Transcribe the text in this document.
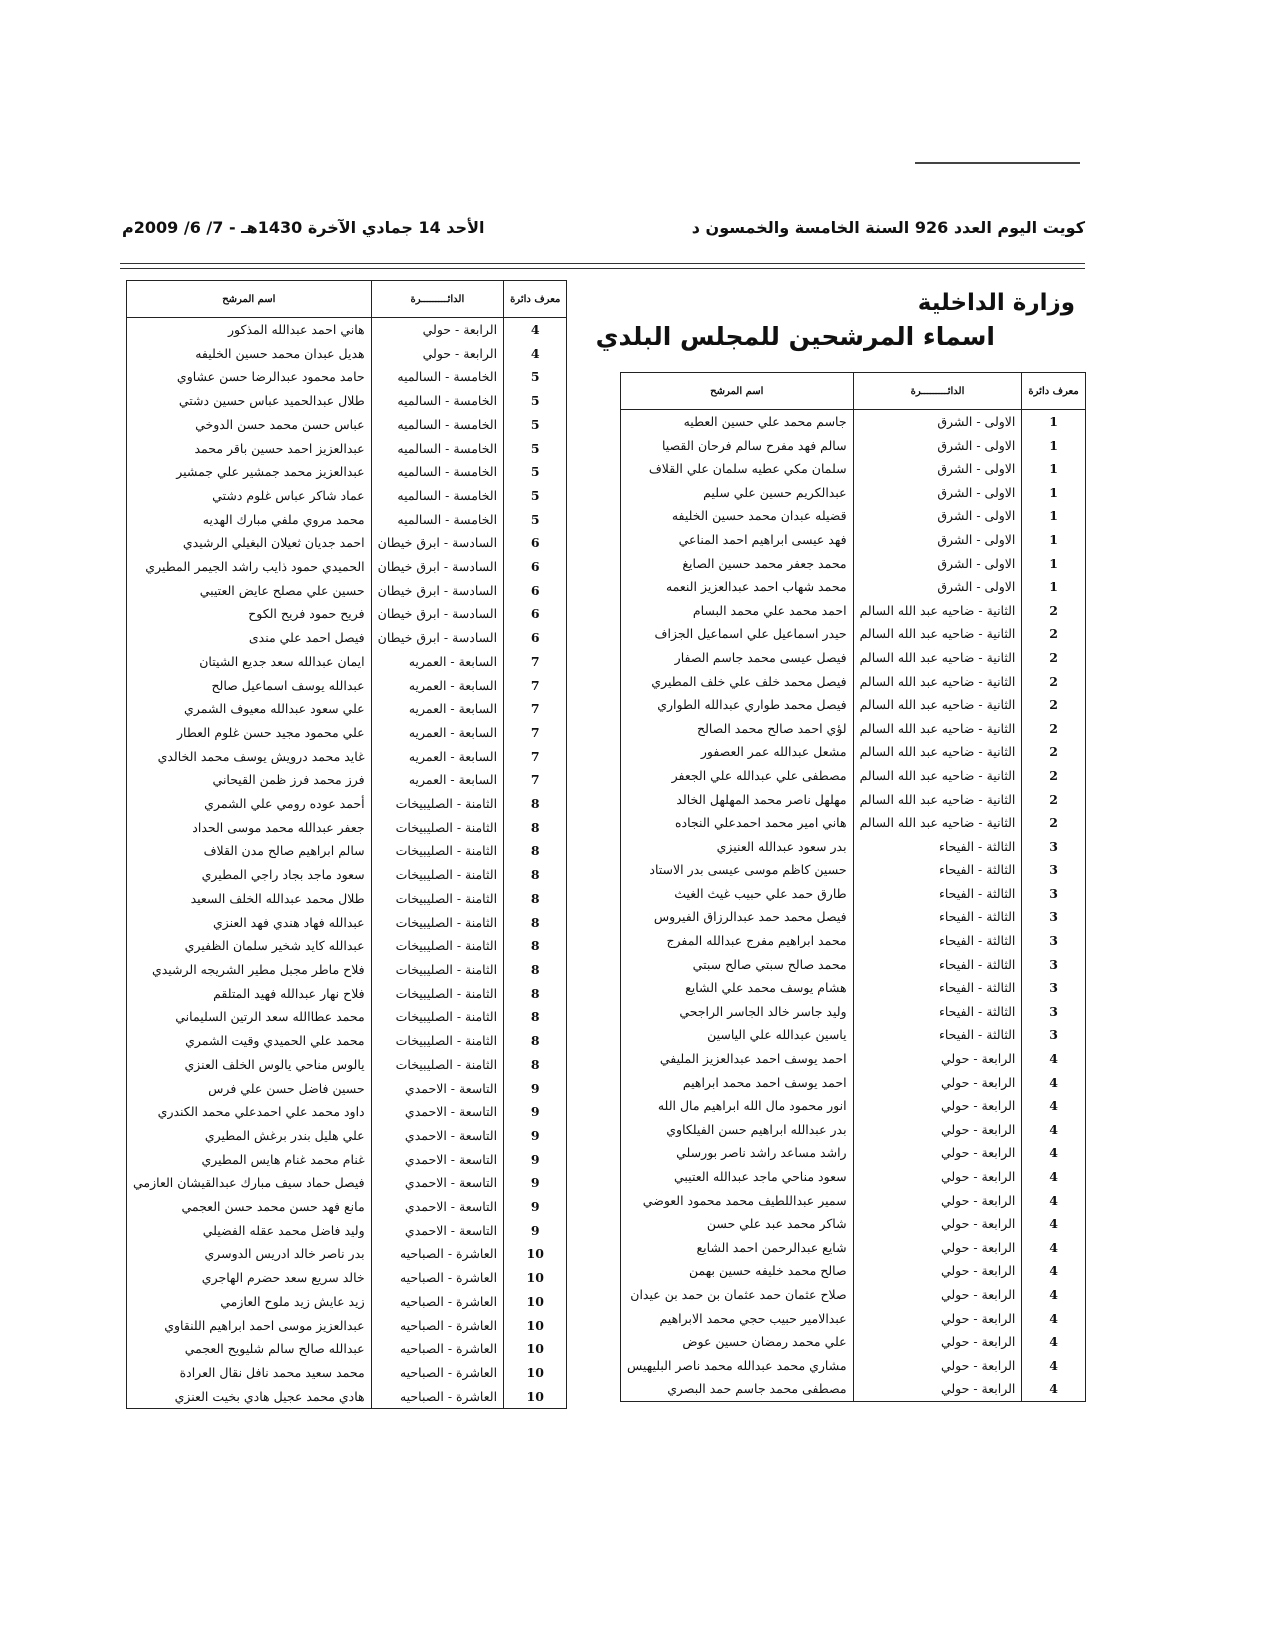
كويت اليوم العدد 926 السنة الخامسة والخمسون د
الأحد 14 جمادي الآخرة 1430هـ - 7/ 6/ 2009م
وزارة الداخلية
اسماء المرشحين للمجلس البلدي
معرف دائرة	الدائـــــــــرة	اسم المرشح
1	الاولى - الشرق	جاسم محمد علي حسين العطيه
1	الاولى - الشرق	سالم فهد مفرح سالم فرحان القصيا
1	الاولى - الشرق	سلمان مكي عطيه سلمان علي القلاف
1	الاولى - الشرق	عبدالكريم حسين علي سليم
1	الاولى - الشرق	قضيله عبدان محمد حسين الخليفه
1	الاولى - الشرق	فهد عيسى ابراهيم احمد المناعي
1	الاولى - الشرق	محمد جعفر محمد حسين الصايغ
1	الاولى - الشرق	محمد شهاب احمد عبدالعزيز النعمه
2	الثانية - ضاحيه عبد الله السالم	احمد محمد علي محمد البسام
2	الثانية - ضاحيه عبد الله السالم	حيدر اسماعيل علي اسماعيل الجزاف
2	الثانية - ضاحيه عبد الله السالم	فيصل عيسى محمد جاسم الصفار
2	الثانية - ضاحيه عبد الله السالم	فيصل محمد خلف علي خلف المطيري
2	الثانية - ضاحيه عبد الله السالم	فيصل محمد طواري عبدالله الطواري
2	الثانية - ضاحيه عبد الله السالم	لؤي احمد صالح محمد الصالح
2	الثانية - ضاحيه عبد الله السالم	مشعل عبدالله عمر العصفور
2	الثانية - ضاحيه عبد الله السالم	مصطفى علي عبدالله علي الجعفر
2	الثانية - ضاحيه عبد الله السالم	مهلهل ناصر محمد المهلهل الخالد
2	الثانية - ضاحيه عبد الله السالم	هاني امير محمد احمدعلي النجاده
3	الثالثة - الفيحاء	بدر سعود عبدالله العنيزي
3	الثالثة - الفيحاء	حسين كاظم موسى عيسى بدر الاستاد
3	الثالثة - الفيحاء	طارق حمد علي حبيب غيث الغيث
3	الثالثة - الفيحاء	فيصل محمد حمد عبدالرزاق الفيروس
3	الثالثة - الفيحاء	محمد ابراهيم مفرج عبدالله المفرج
3	الثالثة - الفيحاء	محمد صالح سبتي صالح سبتي
3	الثالثة - الفيحاء	هشام يوسف محمد علي الشايع
3	الثالثة - الفيحاء	وليد جاسر خالد الجاسر الراجحي
3	الثالثة - الفيحاء	ياسين عبدالله علي الياسين
4	الرابعة - حولي	احمد يوسف احمد عبدالعزيز المليفي
4	الرابعة - حولي	احمد يوسف احمد محمد ابراهيم
4	الرابعة - حولي	انور محمود مال الله ابراهيم مال الله
4	الرابعة - حولي	بدر عبدالله ابراهيم حسن الفيلكاوي
4	الرابعة - حولي	راشد مساعد راشد ناصر بورسلي
4	الرابعة - حولي	سعود مناحي ماجد عبدالله العتيبي
4	الرابعة - حولي	سمير عبداللطيف محمد محمود العوضي
4	الرابعة - حولي	شاكر محمد عبد علي حسن
4	الرابعة - حولي	شايع عبدالرحمن احمد الشايع
4	الرابعة - حولي	صالح محمد خليفه حسين بهمن
4	الرابعة - حولي	صلاح عثمان حمد عثمان بن حمد بن عيدان
4	الرابعة - حولي	عبدالامير حبيب حجي محمد الابراهيم
4	الرابعة - حولي	علي محمد رمضان حسين عوض
4	الرابعة - حولي	مشاري محمد عبدالله محمد ناصر البليهيس
4	الرابعة - حولي	مصطفى محمد جاسم حمد البصري
معرف دائرة	الدائـــــــــرة	اسم المرشح
4	الرابعة - حولي	هاني احمد عبدالله المذكور
4	الرابعة - حولي	هديل عبدان محمد حسين الخليفه
5	الخامسة - السالميه	حامد محمود عبدالرضا حسن عشاوي
5	الخامسة - السالميه	طلال عبدالحميد عباس حسين دشتي
5	الخامسة - السالميه	عباس حسن محمد حسن الدوخي
5	الخامسة - السالميه	عبدالعزيز احمد حسين باقر محمد
5	الخامسة - السالميه	عبدالعزيز محمد جمشير علي جمشير
5	الخامسة - السالميه	عماد شاكر عباس غلوم دشتي
5	الخامسة - السالميه	محمد مروي ملفي مبارك الهديه
6	السادسة - ابرق خيطان	احمد جديان ثعيلان البغيلي الرشيدي
6	السادسة - ابرق خيطان	الحميدي حمود ذايب راشد الجيمر المطيري
6	السادسة - ابرق خيطان	حسين علي مصلح عايض العتيبي
6	السادسة - ابرق خيطان	فريح حمود فريح الكوح
6	السادسة - ابرق خيطان	فيصل احمد علي مندى
7	السابعة - العمريه	ايمان عبدالله سعد جديع الشيتان
7	السابعة - العمريه	عبدالله يوسف اسماعيل صالح
7	السابعة - العمريه	علي سعود عبدالله معيوف الشمري
7	السابعة - العمريه	علي محمود مجيد حسن غلوم العطار
7	السابعة - العمريه	غايد محمد درويش يوسف محمد الخالدي
7	السابعة - العمريه	فرز محمد فرز ظمن القيحاني
8	الثامنة - الصليبيخات	أحمد عوده رومي علي الشمري
8	الثامنة - الصليبيخات	جعفر عبدالله محمد موسى الحداد
8	الثامنة - الصليبيخات	سالم ابراهيم صالح مدن القلاف
8	الثامنة - الصليبيخات	سعود ماجد بجاد راجي المطيري
8	الثامنة - الصليبيخات	طلال محمد عبدالله الخلف السعيد
8	الثامنة - الصليبيخات	عبدالله فهاد هندي فهد العنزي
8	الثامنة - الصليبيخات	عبدالله كايد شخير سلمان الظفيري
8	الثامنة - الصليبيخات	فلاح ماطر مجبل مطير الشريجه الرشيدي
8	الثامنة - الصليبيخات	فلاح نهار عبدالله فهيد المتلقم
8	الثامنة - الصليبيخات	محمد عطاالله سعد الرتين السليماني
8	الثامنة - الصليبيخات	محمد علي الحميدي وقيت الشمري
8	الثامنة - الصليبيخات	يالوس مناحي يالوس الخلف العنزي
9	التاسعة - الاحمدي	حسين فاضل حسن علي فرس
9	التاسعة - الاحمدي	داود محمد علي احمدعلي محمد الكندري
9	التاسعة - الاحمدي	علي هليل بندر برغش المطيري
9	التاسعة - الاحمدي	غنام محمد غنام هايس المطيري
9	التاسعة - الاحمدي	فيصل حماد سيف مبارك عبدالقيشان العازمي
9	التاسعة - الاحمدي	مانع فهد حسن محمد حسن العجمي
9	التاسعة - الاحمدي	وليد فاضل محمد عقله الفضيلي
10	العاشرة - الصباحيه	بدر ناصر خالد ادريس الدوسري
10	العاشرة - الصباحيه	خالد سريع سعد حضرم الهاجري
10	العاشرة - الصباحيه	زيد عايش زيد ملوح العازمي
10	العاشرة - الصباحيه	عبدالعزيز موسى احمد ابراهيم اللنقاوي
10	العاشرة - الصباحيه	عبدالله صالح سالم شليويح العجمي
10	العاشرة - الصباحيه	محمد سعيد محمد نافل نقال العرادة
10	العاشرة - الصباحيه	هادي محمد عجيل هادي بخيت العنزي
